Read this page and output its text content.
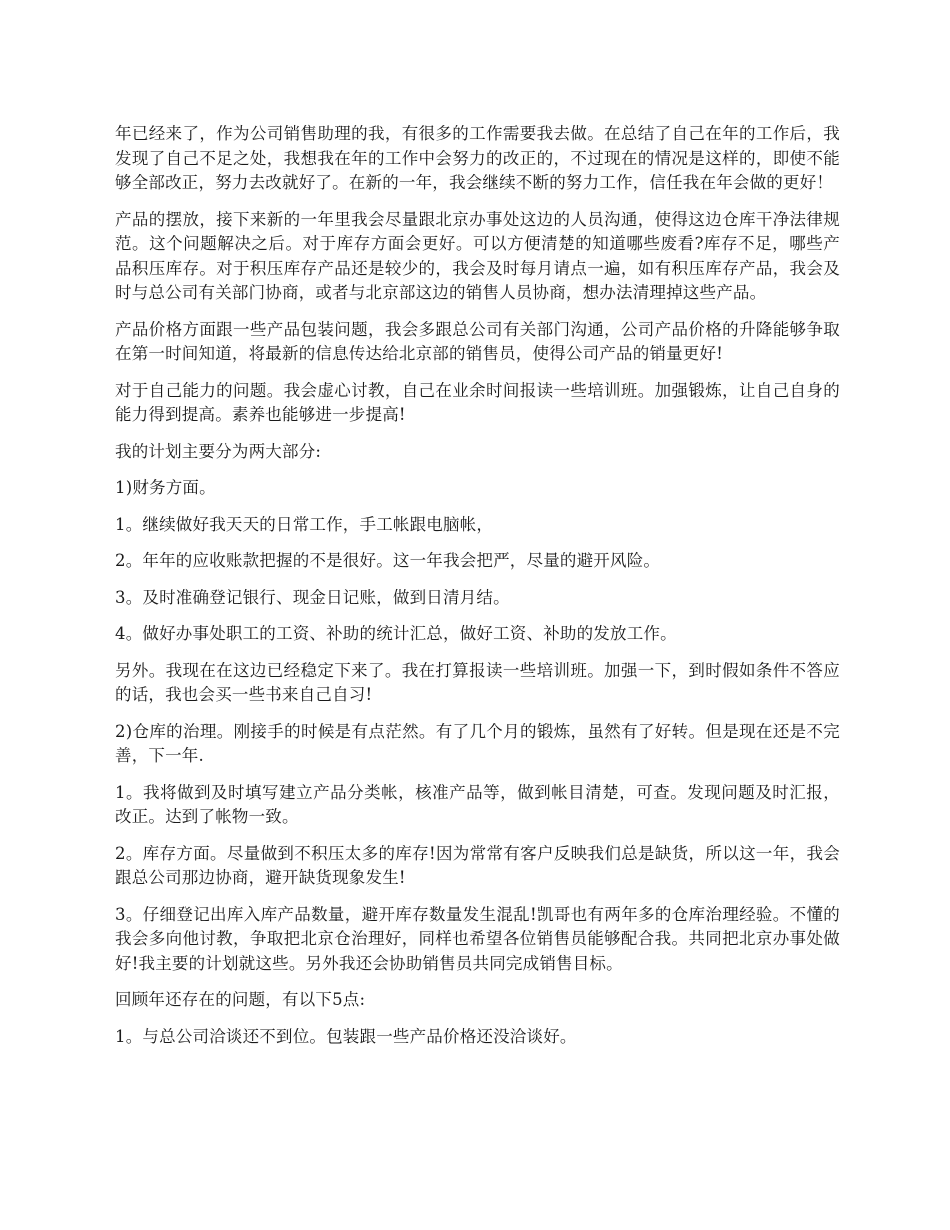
年已经来了，作为公司销售助理的我，有很多的工作需要我去做。在总结了自己在年的工作后，我发现了自己不足之处，我想我在年的工作中会努力的改正的，不过现在的情况是这样的，即使不能够全部改正，努力去改就好了。在新的一年，我会继续不断的努力工作，信任我在年会做的更好！

产品的摆放，接下来新的一年里我会尽量跟北京办事处这边的人员沟通，使得这边仓库干净法律规范。这个问题解决之后。对于库存方面会更好。可以方便清楚的知道哪些废看?库存不足，哪些产品积压库存。对于积压库存产品还是较少的，我会及时每月请点一遍，如有积压库存产品，我会及时与总公司有关部门协商，或者与北京部这边的销售人员协商，想办法清理掉这些产品。

产品价格方面跟一些产品包装问题，我会多跟总公司有关部门沟通，公司产品价格的升降能够争取在第一时间知道，将最新的信息传达给北京部的销售员，使得公司产品的销量更好!

对于自己能力的问题。我会虚心讨教，自己在业余时间报读一些培训班。加强锻炼，让自己自身的能力得到提高。素养也能够进一步提高!

我的计划主要分为两大部分:

1)财务方面。

1。继续做好我天天的日常工作，手工帐跟电脑帐，

2。年年的应收账款把握的不是很好。这一年我会把严，尽量的避开风险。

3。及时准确登记银行、现金日记账，做到日清月结。

4。做好办事处职工的工资、补助的统计汇总，做好工资、补助的发放工作。

另外。我现在在这边已经稳定下来了。我在打算报读一些培训班。加强一下，到时假如条件不答应的话，我也会买一些书来自己自习!

2)仓库的治理。刚接手的时候是有点茫然。有了几个月的锻炼，虽然有了好转。但是现在还是不完善，下一年.

1。我将做到及时填写建立产品分类帐，核准产品等，做到帐目清楚，可查。发现问题及时汇报，改正。达到了帐物一致。

2。库存方面。尽量做到不积压太多的库存!因为常常有客户反映我们总是缺货，所以这一年，我会跟总公司那边协商，避开缺货现象发生!

3。仔细登记出库入库产品数量，避开库存数量发生混乱!凯哥也有两年多的仓库治理经验。不懂的我会多向他讨教，争取把北京仓治理好，同样也希望各位销售员能够配合我。共同把北京办事处做好!我主要的计划就这些。另外我还会协助销售员共同完成销售目标。

回顾年还存在的问题，有以下5点:

1。与总公司洽谈还不到位。包装跟一些产品价格还没洽谈好。
